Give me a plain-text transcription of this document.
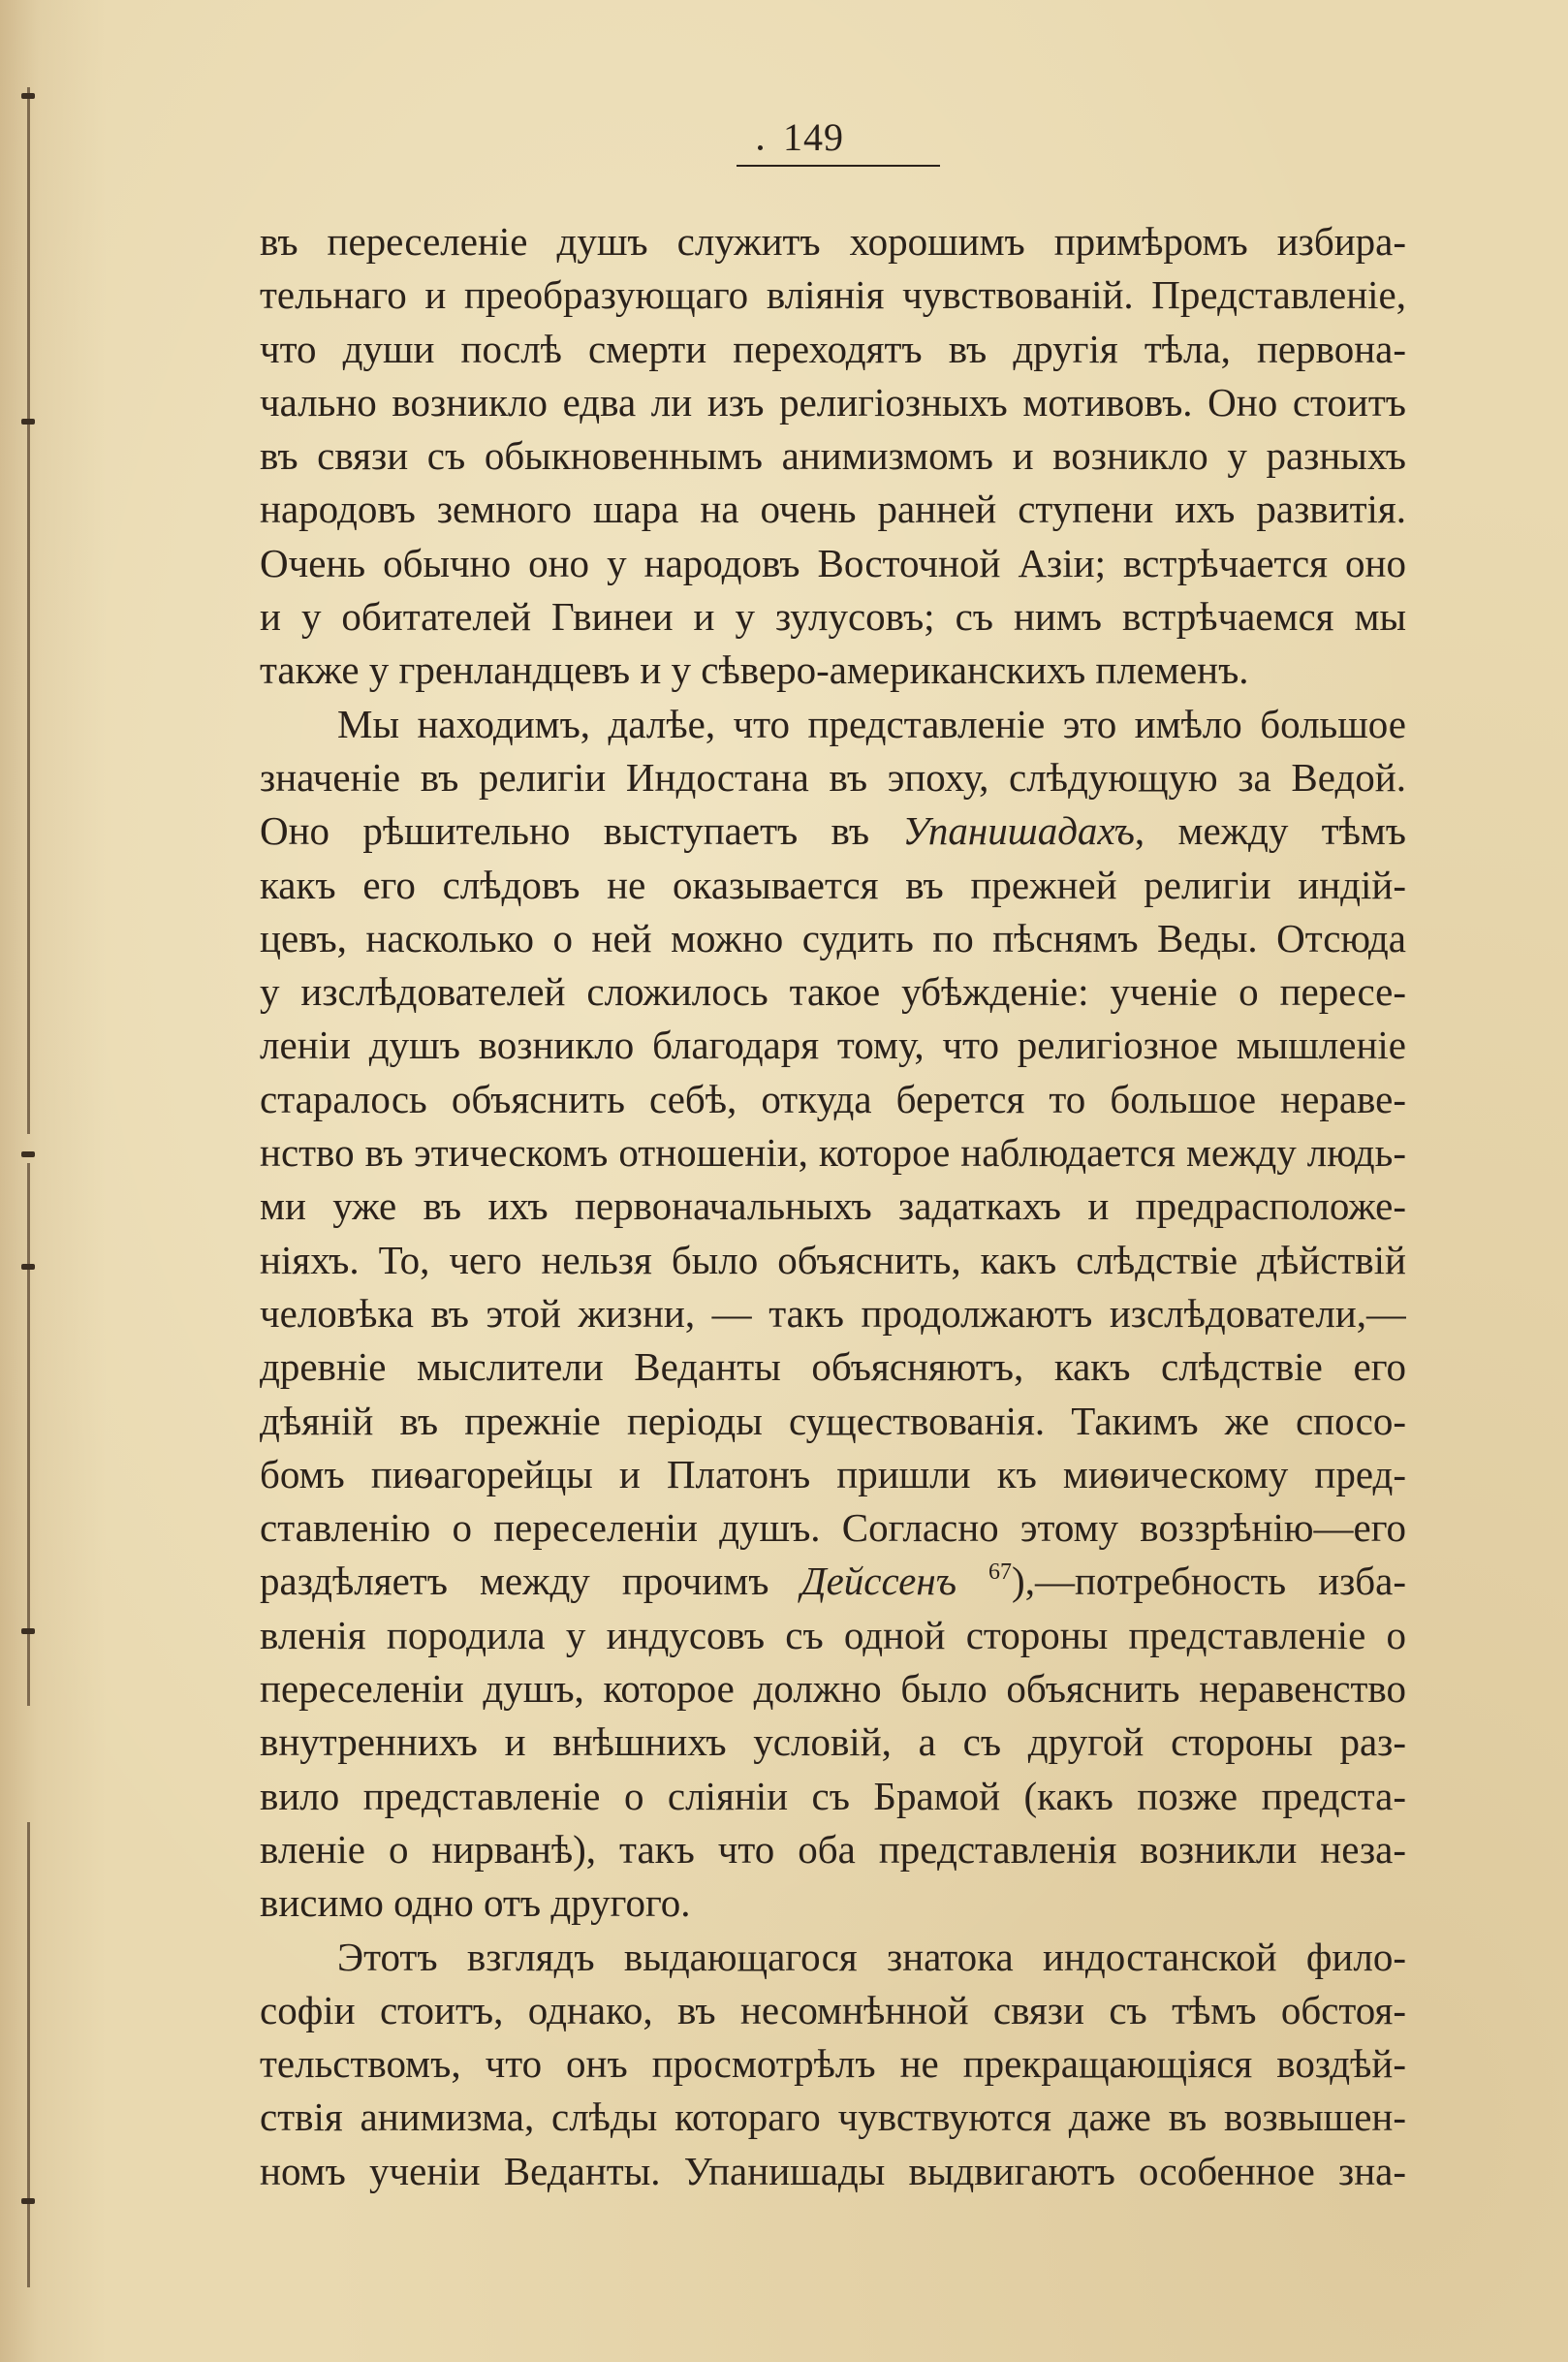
149
въ переселеніе душъ служитъ хорошимъ примѣромъ избира-
тельнаго и преобразующаго вліянія чувствованій. Представленіе,
что души послѣ смерти переходятъ въ другія тѣла, первона-
чально возникло едва ли изъ религіозныхъ мотивовъ. Оно стоитъ
въ связи съ обыкновеннымъ анимизмомъ и возникло у разныхъ
народовъ земного шара на очень ранней ступени ихъ развитія.
Очень обычно оно у народовъ Восточной Азіи; встрѣчается оно
и у обитателей Гвинеи и у зулусовъ; съ нимъ встрѣчаемся мы
также у гренландцевъ и у сѣверо-американскихъ племенъ.
Мы находимъ, далѣе, что представленіе это имѣло большое
значеніе въ религіи Индостана въ эпоху, слѣдующую за Ведой.
Оно рѣшительно выступаетъ въ Упанишадахъ, между тѣмъ
какъ его слѣдовъ не оказывается въ прежней религіи индій-
цевъ, насколько о ней можно судить по пѣснямъ Веды. Отсюда
у изслѣдователей сложилось такое убѣжденіе: ученіе о пересе-
леніи душъ возникло благодаря тому, что религіозное мышленіе
старалось объяснить себѣ, откуда берется то большое нераве-
нство въ этическомъ отношеніи, которое наблюдается между людь-
ми уже въ ихъ первоначальныхъ задаткахъ и предрасположе-
ніяхъ. То, чего нельзя было объяснить, какъ слѣдствіе дѣйствій
человѣка въ этой жизни, — такъ продолжаютъ изслѣдователи,—
древніе мыслители Веданты объясняютъ, какъ слѣдствіе его
дѣяній въ прежніе періоды существованія. Такимъ же спосо-
бомъ пиѳагорейцы и Платонъ пришли къ миѳическому пред-
ставленію о переселеніи душъ. Согласно этому воззрѣнію—его
раздѣляетъ между прочимъ Дейссенъ $^{67}$),—потребность изба-
вленія породила у индусовъ съ одной стороны представленіе о
переселеніи душъ, которое должно было объяснить неравенство
внутреннихъ и внѣшнихъ условій, а съ другой стороны раз-
вило представленіе о сліяніи съ Брамой (какъ позже предста-
вленіе о нирванѣ), такъ что оба представленія возникли неза-
висимо одно отъ другого.
Этотъ взглядъ выдающагося знатока индостанской фило-
софіи стоитъ, однако, въ несомнѣнной связи съ тѣмъ обстоя-
тельствомъ, что онъ просмотрѣлъ не прекращающіяся воздѣй-
ствія анимизма, слѣды котораго чувствуются даже въ возвышен-
номъ ученіи Веданты. Упанишады выдвигаютъ особенное зна-
